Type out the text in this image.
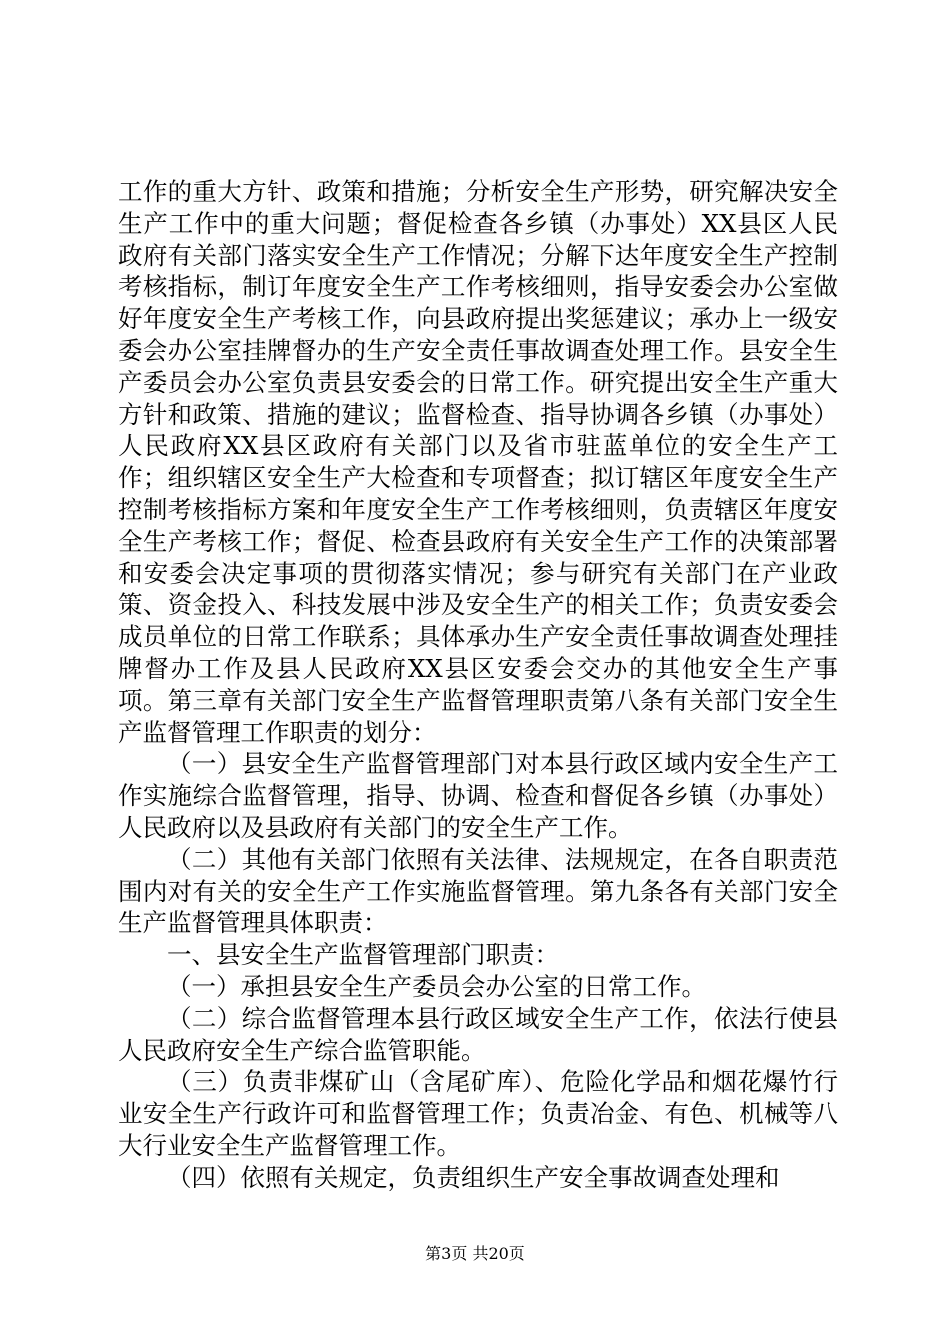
工作的重大方针、政策和措施；分析安全生产形势，研究解决安全生产工作中的重大问题；督促检查各乡镇（办事处）XX县区人民政府有关部门落实安全生产工作情况；分解下达年度安全生产控制考核指标，制订年度安全生产工作考核细则，指导安委会办公室做好年度安全生产考核工作，向县政府提出奖惩建议；承办上一级安委会办公室挂牌督办的生产安全责任事故调查处理工作。县安全生产委员会办公室负责县安委会的日常工作。研究提出安全生产重大方针和政策、措施的建议；监督检查、指导协调各乡镇（办事处）人民政府XX县区政府有关部门以及省市驻蓝单位的安全生产工作；组织辖区安全生产大检查和专项督查；拟订辖区年度安全生产控制考核指标方案和年度安全生产工作考核细则，负责辖区年度安全生产考核工作；督促、检查县政府有关安全生产工作的决策部署和安委会决定事项的贯彻落实情况；参与研究有关部门在产业政策、资金投入、科技发展中涉及安全生产的相关工作；负责安委会成员单位的日常工作联系；具体承办生产安全责任事故调查处理挂牌督办工作及县人民政府XX县区安委会交办的其他安全生产事项。第三章有关部门安全生产监督管理职责第八条有关部门安全生产监督管理工作职责的划分：

（一）县安全生产监督管理部门对本县行政区域内安全生产工作实施综合监督管理，指导、协调、检查和督促各乡镇（办事处）人民政府以及县政府有关部门的安全生产工作。

（二）其他有关部门依照有关法律、法规规定，在各自职责范围内对有关的安全生产工作实施监督管理。第九条各有关部门安全生产监督管理具体职责：

一、县安全生产监督管理部门职责：

（一）承担县安全生产委员会办公室的日常工作。

（二）综合监督管理本县行政区域安全生产工作，依法行使县人民政府安全生产综合监管职能。

（三）负责非煤矿山（含尾矿库）、危险化学品和烟花爆竹行业安全生产行政许可和监督管理工作；负责冶金、有色、机械等八大行业安全生产监督管理工作。

（四）依照有关规定，负责组织生产安全事故调查处理和

第3页 共20页
